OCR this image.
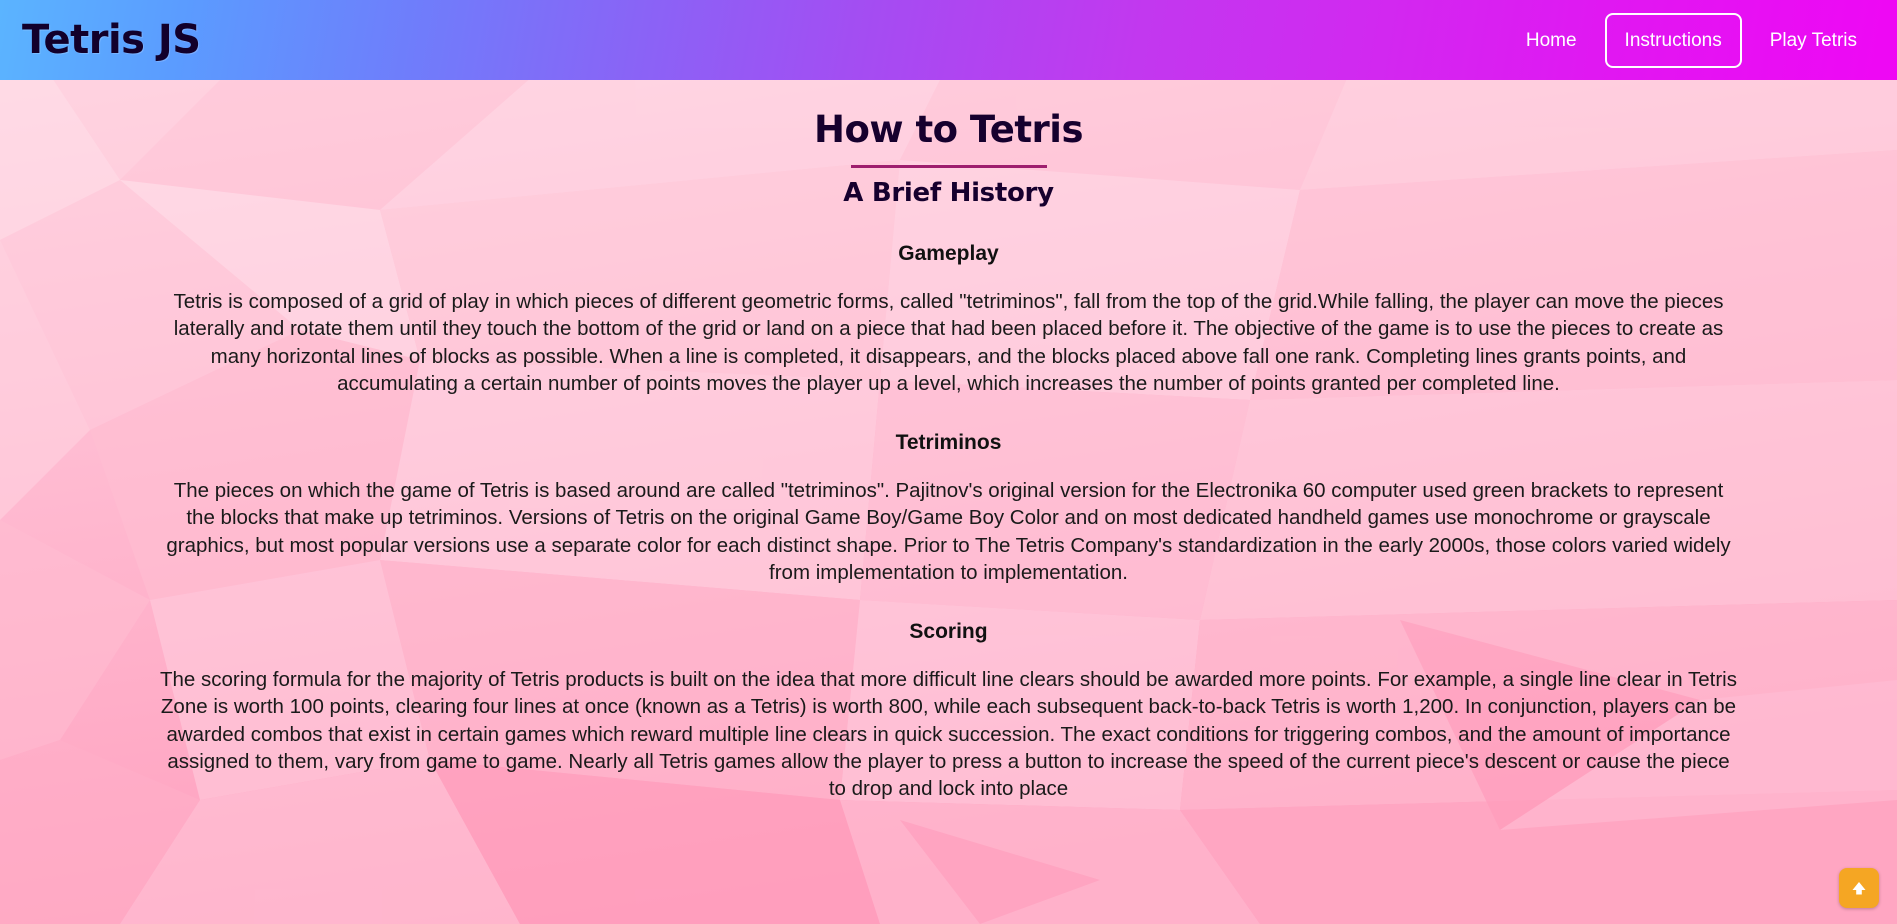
Tetris JS	Home	Instructions	Play Tetris
How to Tetris
A Brief History
Gameplay

Tetris is composed of a grid of play in which pieces of different geometric forms, called "tetriminos", fall from the top of the grid.While falling, the player can move the pieces laterally and rotate them until they touch the bottom of the grid or land on a piece that had been placed before it. The objective of the game is to use the pieces to create as many horizontal lines of blocks as possible. When a line is completed, it disappears, and the blocks placed above fall one rank. Completing lines grants points, and accumulating a certain number of points moves the player up a level, which increases the number of points granted per completed line.

Tetriminos

The pieces on which the game of Tetris is based around are called "tetriminos". Pajitnov's original version for the Electronika 60 computer used green brackets to represent the blocks that make up tetriminos. Versions of Tetris on the original Game Boy/Game Boy Color and on most dedicated handheld games use monochrome or grayscale graphics, but most popular versions use a separate color for each distinct shape. Prior to The Tetris Company's standardization in the early 2000s, those colors varied widely from implementation to implementation.

Scoring

The scoring formula for the majority of Tetris products is built on the idea that more difficult line clears should be awarded more points. For example, a single line clear in Tetris Zone is worth 100 points, clearing four lines at once (known as a Tetris) is worth 800, while each subsequent back-to-back Tetris is worth 1,200. In conjunction, players can be awarded combos that exist in certain games which reward multiple line clears in quick succession. The exact conditions for triggering combos, and the amount of importance assigned to them, vary from game to game. Nearly all Tetris games allow the player to press a button to increase the speed of the current piece's descent or cause the piece to drop and lock into place
